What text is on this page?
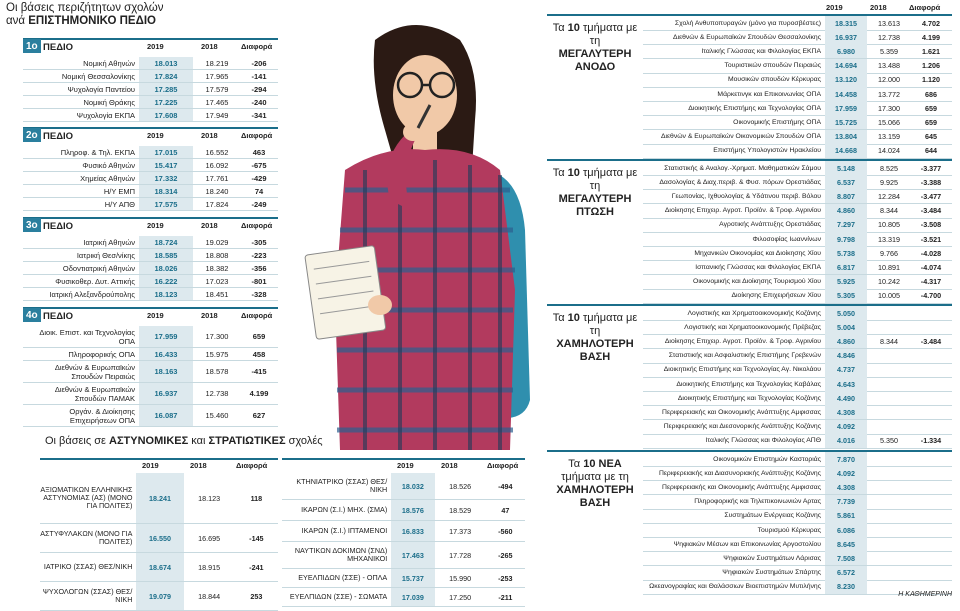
Οι βάσεις περιζήτητων σχολών
ανά ΕΠΙΣΤΗΜΟΝΙΚΟ ΠΕΔΙΟ
1ο ΠΕΔΙΟ	2019	2018	Διαφορά
Νομική Αθηνών	18.013	18.219	-206
Νομική Θεσσαλονίκης	17.824	17.965	-141
Ψυχολογία Παντείου	17.285	17.579	-294
Νομική Θράκης	17.225	17.465	-240
Ψυχολογία ΕΚΠΑ	17.608	17.949	-341
2ο ΠΕΔΙΟ	2019	2018	Διαφορά
Πληροφ. & Τηλ. ΕΚΠΑ	17.015	16.552	463
Φυσικό Αθηνών	15.417	16.092	-675
Χημείας Αθηνών	17.332	17.761	-429
Η/Υ ΕΜΠ	18.314	18.240	74
Η/Υ ΑΠΘ	17.575	17.824	-249
3ο ΠΕΔΙΟ	2019	2018	Διαφορά
Ιατρική Αθηνών	18.724	19.029	-305
Ιατρική Θεσ/νίκης	18.585	18.808	-223
Οδοντιατρική Αθηνών	18.026	18.382	-356
Φυσικοθερ. Δυτ. Αττικής	16.222	17.023	-801
Ιατρική Αλεξανδρούπολης	18.123	18.451	-328
4ο ΠΕΔΙΟ	2019	2018	Διαφορά
Διοικ. Επιστ. και Τεχνολογίας ΟΠΑ	17.959	17.300	659
Πληροφορικής ΟΠΑ	16.433	15.975	458
Διεθνών & Ευρωπαϊκών Σπουδών Πειραιώς	18.163	18.578	-415
Διεθνών & Ευρωπαϊκών Σπουδών ΠΑΜΑΚ	16.937	12.738	4.199
Οργάν. & Διοίκησης Επιχειρήσεων ΟΠΑ	16.087	15.460	627
Οι βάσεις σε ΑΣΤΥΝΟΜΙΚΕΣ και ΣΤΡΑΤΙΩΤΙΚΕΣ σχολές
2019	2018	Διαφορά
ΑΞΙΩΜΑΤΙΚΩΝ ΕΛΛΗΝΙΚΗΣ ΑΣΤΥΝΟΜΙΑΣ (ΑΣ) (ΜΟΝΟ ΓΙΑ ΠΟΛΙΤΕΣ)
18.241	18.123	118
ΑΣΤΥΦΥΛΑΚΩΝ (ΜΟΝΟ ΓΙΑ ΠΟΛΙΤΕΣ)	16.550	16.695	-145
ΙΑΤΡΙΚΟ (ΣΣΑΣ) ΘΕΣ/ΝΙΚΗ	18.674	18.915	-241
ΨΥΧΟΛΟΓΩΝ (ΣΣΑΣ) ΘΕΣ/ΝΙΚΗ	19.079	18.844	253
2019	2018	Διαφορά
ΚΤΗΝΙΑΤΡΙΚΟ (ΣΣΑΣ) ΘΕΣ/ΝΙΚΗ	18.032	18.526	-494
ΙΚΑΡΩΝ (Σ.Ι.) ΜΗΧ. (ΣΜΑ)	18.576	18.529	47
ΙΚΑΡΩΝ (Σ.Ι.) ΙΠΤΑΜΕΝΟΙ	16.833	17.373	-560
ΝΑΥΤΙΚΩΝ ΔΟΚΙΜΩΝ (ΣΝΔ) ΜΗΧΑΝΙΚΟΙ	17.463	17.728	-265
ΕΥΕΛΠΙΔΩΝ (ΣΣΕ) - ΟΠΛΑ	15.737	15.990	-253
ΕΥΕΛΠΙΔΩΝ (ΣΣΕ) - ΣΩΜΑΤΑ	17.039	17.250	-211
Τα 10 τμήματα με τη
ΜΕΓΑΛΥΤΕΡΗ
ΑΝΟΔΟ
Σχολή Ανθυποπυραγών (μόνο για πυροσβέστες)	18.315	13.613	4.702
Διεθνών & Ευρωπαϊκών Σπουδών Θεσσαλονίκης	16.937	12.738	4.199
Ιταλικής Γλώσσας και Φιλολογίας ΕΚΠΑ	6.980	5.359	1.621
Τουριστικών σπουδών Πειραιώς	14.694	13.488	1.206
Μουσικών σπουδών Κέρκυρας	13.120	12.000	1.120
Μάρκετινγκ και Επικοινωνίας ΟΠΑ	14.458	13.772	686
Διοικητικής Επιστήμης και Τεχνολογίας ΟΠΑ	17.959	17.300	659
Οικονομικής Επιστήμης ΟΠΑ	15.725	15.066	659
Διεθνών & Ευρωπαϊκών Οικονομικών Σπουδών ΟΠΑ	13.804	13.159	645
Επιστήμης Υπολογιστών Ηρακλείου	14.668	14.024	644
Τα 10 τμήματα με τη
ΜΕΓΑΛΥΤΕΡΗ
ΠΤΩΣΗ
Στατιστικής & Αναλογ.-Χρηματ. Μαθηματικών Σάμου	5.148	8.525	-3.377
Δασολογίας & Διαχ.περιβ. & Φυσ. πόρων Ορεστιάδας	6.537	9.925	-3.388
Γεωπονίας, Ιχθυολογίας & Υδάτινου περιβ. Βόλου	8.807	12.284	-3.477
Διοίκησης Επιχειρ. Αγροτ. Προϊόν. & Τροφ. Αγρινίου	4.860	8.344	-3.484
Αγροτικής Ανάπτυξης Ορεστιάδας	7.297	10.805	-3.508
Φιλοσοφίας Ιωαννίνων	9.798	13.319	-3.521
Μηχανικών Οικονομίας και Διοίκησης Χίου	5.738	9.766	-4.028
Ισπανικής Γλώσσας και Φιλολογίας ΕΚΠΑ	6.817	10.891	-4.074
Οικονομικής και Διοίκησης Τουρισμού Χίου	5.925	10.242	-4.317
Διοίκησης Επιχειρήσεων Χίου	5.305	10.005	-4.700
Τα 10 τμήματα με τη
ΧΑΜΗΛΟΤΕΡΗ
ΒΑΣΗ
Λογιστικής και Χρηματοοικονομικής Κοζάνης	5.050
Λογιστικής και Χρηματοοικονομικής Πρέβεζας	5.004
Διοίκησης Επιχειρ. Αγροτ. Προϊόν. & Τροφ. Αγρινίου	4.860	8.344	-3.484
Στατιστικής και Ασφαλιστικής Επιστήμης Γρεβενών	4.846
Διοικητικής Επιστήμης και Τεχνολογίας Αγ. Νικολάου	4.737
Διοικητικής Επιστήμης και Τεχνολογίας Καβάλας	4.643
Διοικητικής Επιστήμης και Τεχνολογίας Κοζάνης	4.490
Περιφερειακής και Οικονομικής Ανάπτυξης Αμφισσας	4.308
Περιφερειακής και Διεσονορικής Ανάπτυξης Κοζάνης	4.092
Ιταλικής Γλώσσας και Φιλολογίας ΑΠΘ	4.016	5.350	-1.334
Τα 10 ΝΕΑ τμήματα με τη
ΧΑΜΗΛΟΤΕΡΗ
ΒΑΣΗ
Οικονομικών Επιστημών Καστοριάς	7.870
Περιφερειακής και Διασυνοριακής Ανάπτυξης Κοζάνης	4.092
Περιφερειακής και Οικονομικής Ανάπτυξης Αμφισσας	4.308
Πληροφορικής και Τηλεπικοινωνιών Αρτας	7.739
Συστημάτων Ενέργειας Κοζάνης	5.861
Τουρισμού Κέρκυρας	6.086
Ψηφιακών Μέσων και Επικοινωνίας Αργοστολίου	8.645
Ψηφιακών Συστημάτων Λάρισας	7.508
Ψηφιακών Συστημάτων Σπάρτης	6.572
Ωκεανογραφίας και Θαλάσσιων Βιοεπιστημών Μυτιλήνης	8.230
2019	2018	Διαφορά
Η ΚΑΘΗΜΕΡΙΝΗ
